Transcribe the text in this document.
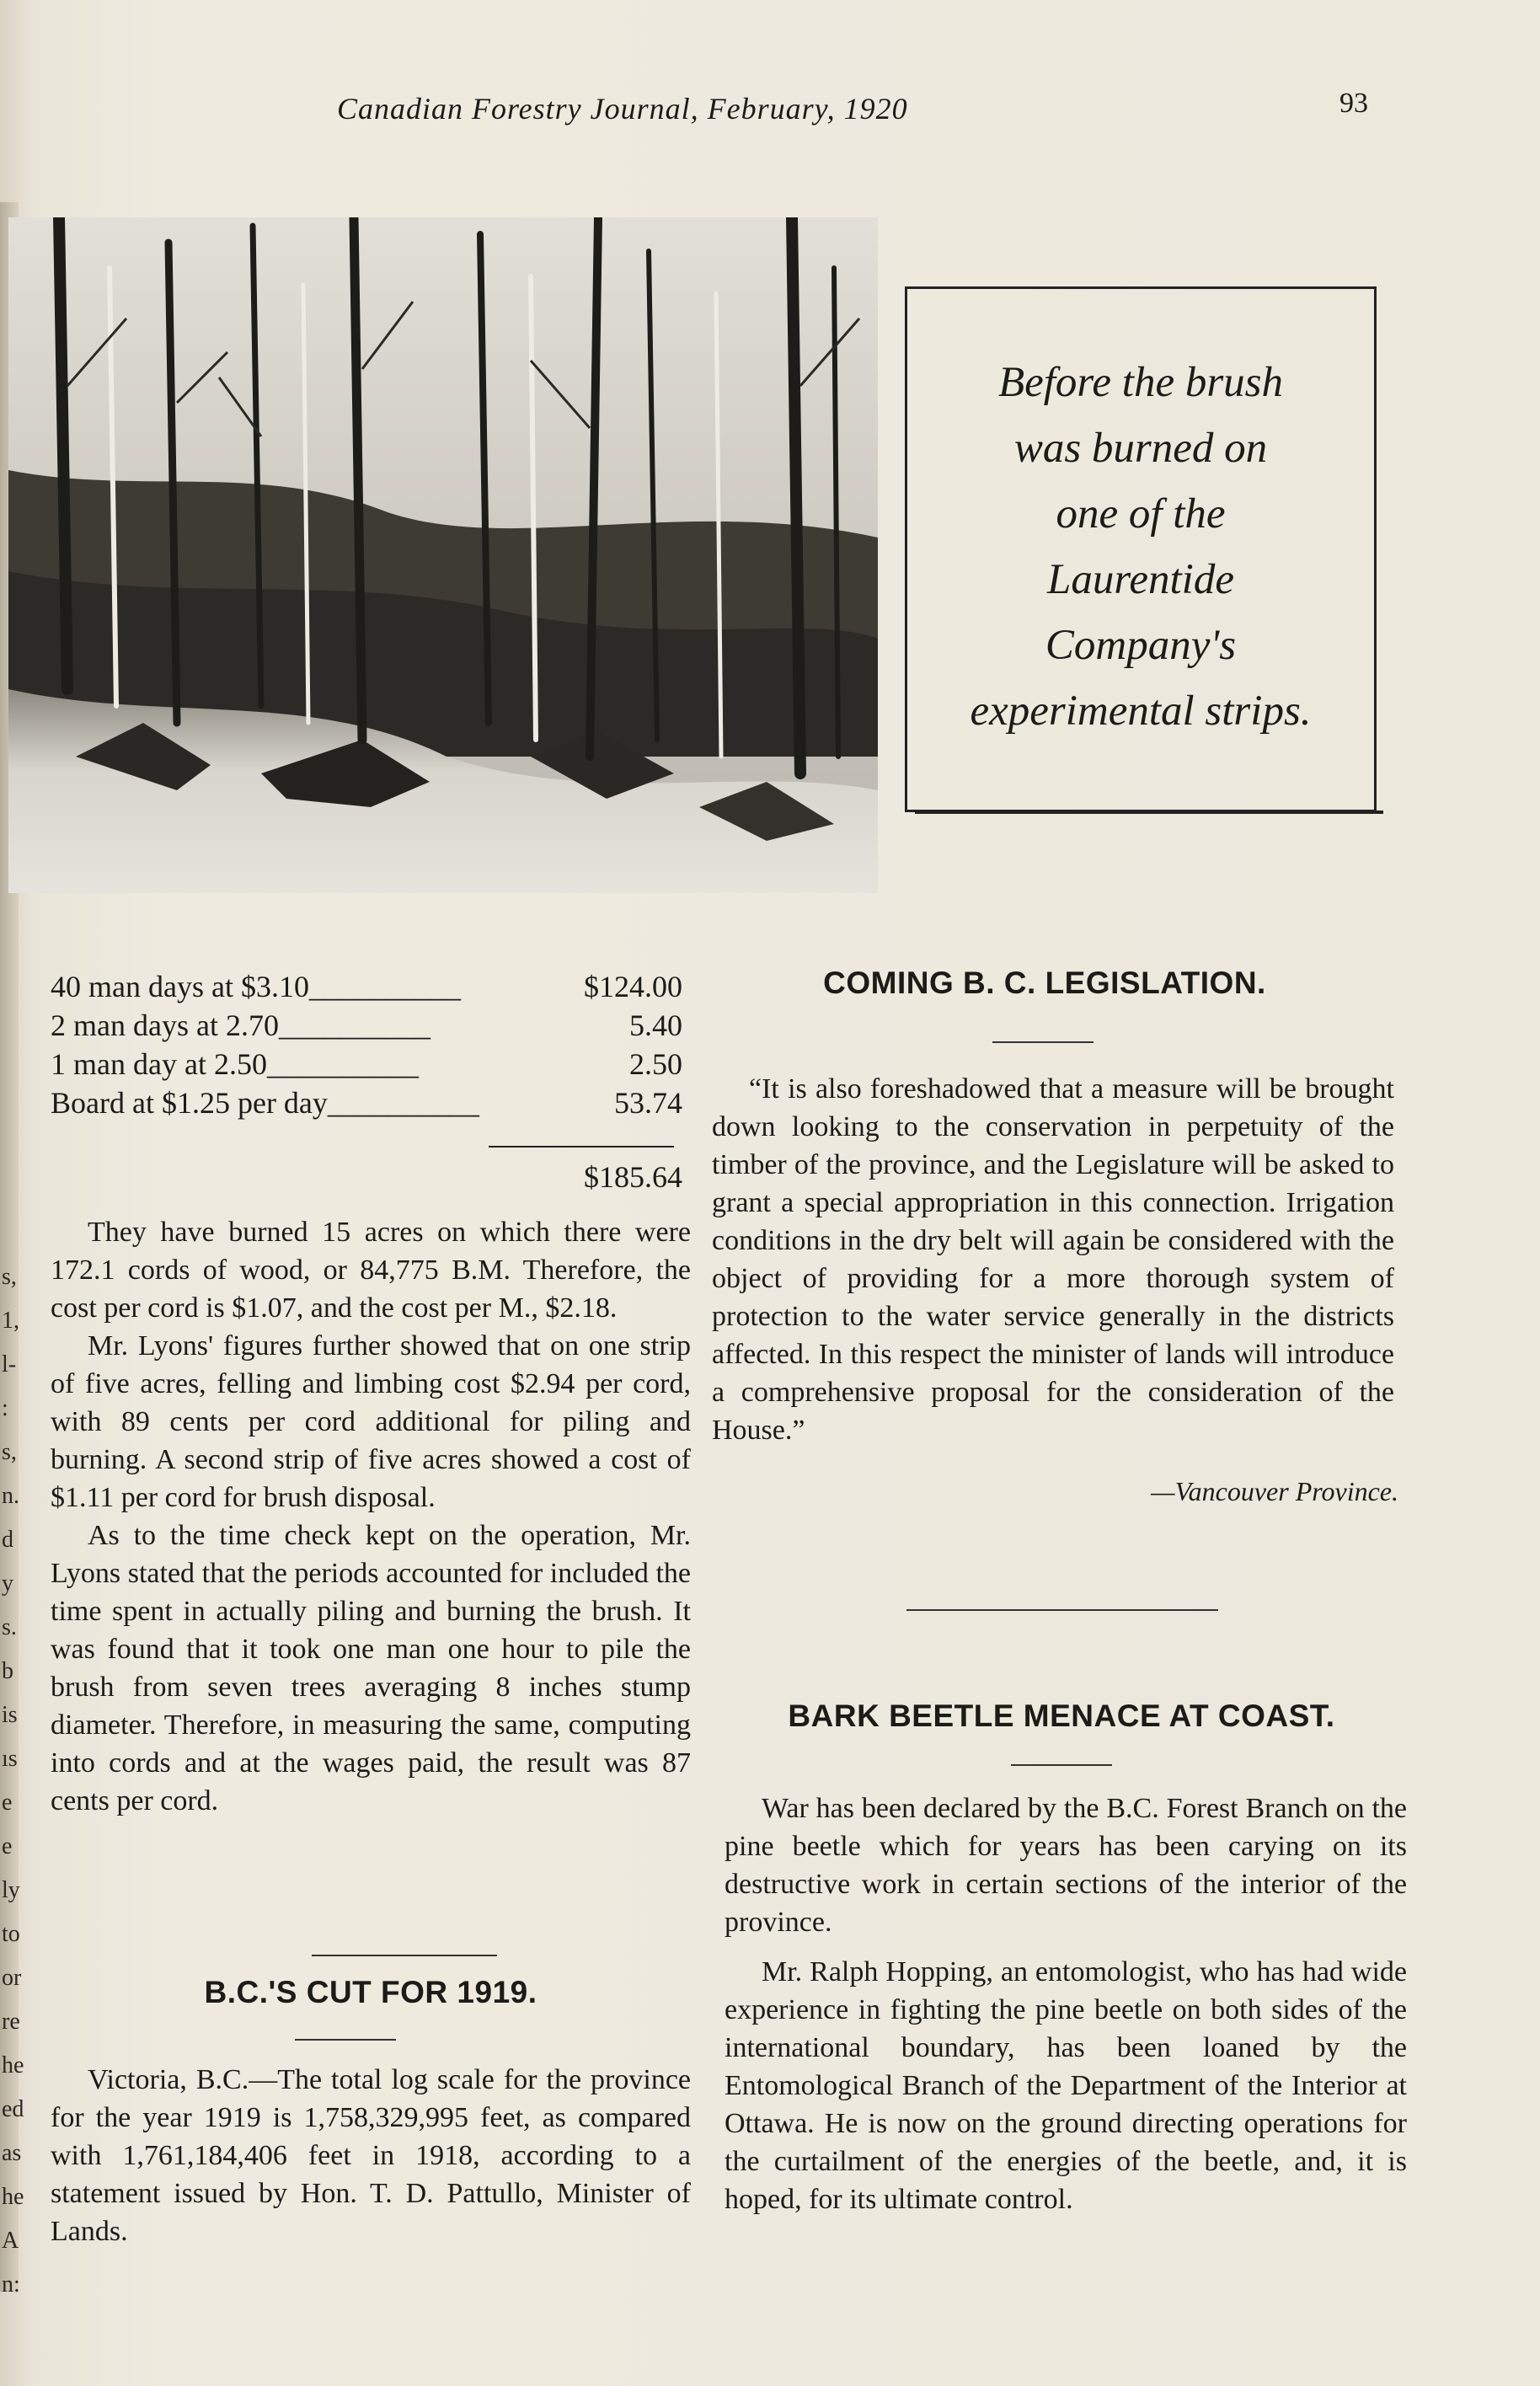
s,
1,
l-
:
s,
n.
d
y
s.
b
is
ıs
e
e
ly
to
or
re
he
ed
as
he
A
n:
Canadian Forestry Journal, February, 1920	93
Before the brush
was burned on
one of the
Laurentide
Company's
experimental strips.
40 man days at $3.10__________	$124.00
2 man days at 2.70__________	5.40
1 man day at 2.50__________	2.50
Board at $1.25 per day__________	53.74
$185.64

They have burned 15 acres on which there were 172.1 cords of wood, or 84,775 B.M. Therefore, the cost per cord is $1.07, and the cost per M., $2.18.

Mr. Lyons' figures further showed that on one strip of five acres, felling and limbing cost $2.94 per cord, with 89 cents per cord additional for piling and burning. A second strip of five acres showed a cost of $1.11 per cord for brush disposal.

As to the time check kept on the operation, Mr. Lyons stated that the periods accounted for included the time spent in actually piling and burning the brush. It was found that it took one man one hour to pile the brush from seven trees averaging 8 inches stump diameter. Therefore, in measuring the same, computing into cords and at the wages paid, the result was 87 cents per cord.

B.C.'S CUT FOR 1919.

Victoria, B.C.—The total log scale for the province for the year 1919 is 1,758,329,995 feet, as compared with 1,761,184,406 feet in 1918, according to a statement issued by Hon. T. D. Pattullo, Minister of Lands.

COMING B. C. LEGISLATION.

“It is also foreshadowed that a measure will be brought down looking to the conservation in perpetuity of the timber of the province, and the Legislature will be asked to grant a special appropriation in this connection. Irrigation conditions in the dry belt will again be considered with the object of providing for a more thorough system of protection to the water service generally in the districts affected. In this respect the minister of lands will introduce a comprehensive proposal for the consideration of the House.”

—Vancouver Province.
BARK BEETLE MENACE AT COAST.

War has been declared by the B.C. Forest Branch on the pine beetle which for years has been carying on its destructive work in certain sections of the interior of the province.

Mr. Ralph Hopping, an entomologist, who has had wide experience in fighting the pine beetle on both sides of the international boundary, has been loaned by the Entomological Branch of the Department of the Interior at Ottawa. He is now on the ground directing operations for the curtailment of the energies of the beetle, and, it is hoped, for its ultimate control.
